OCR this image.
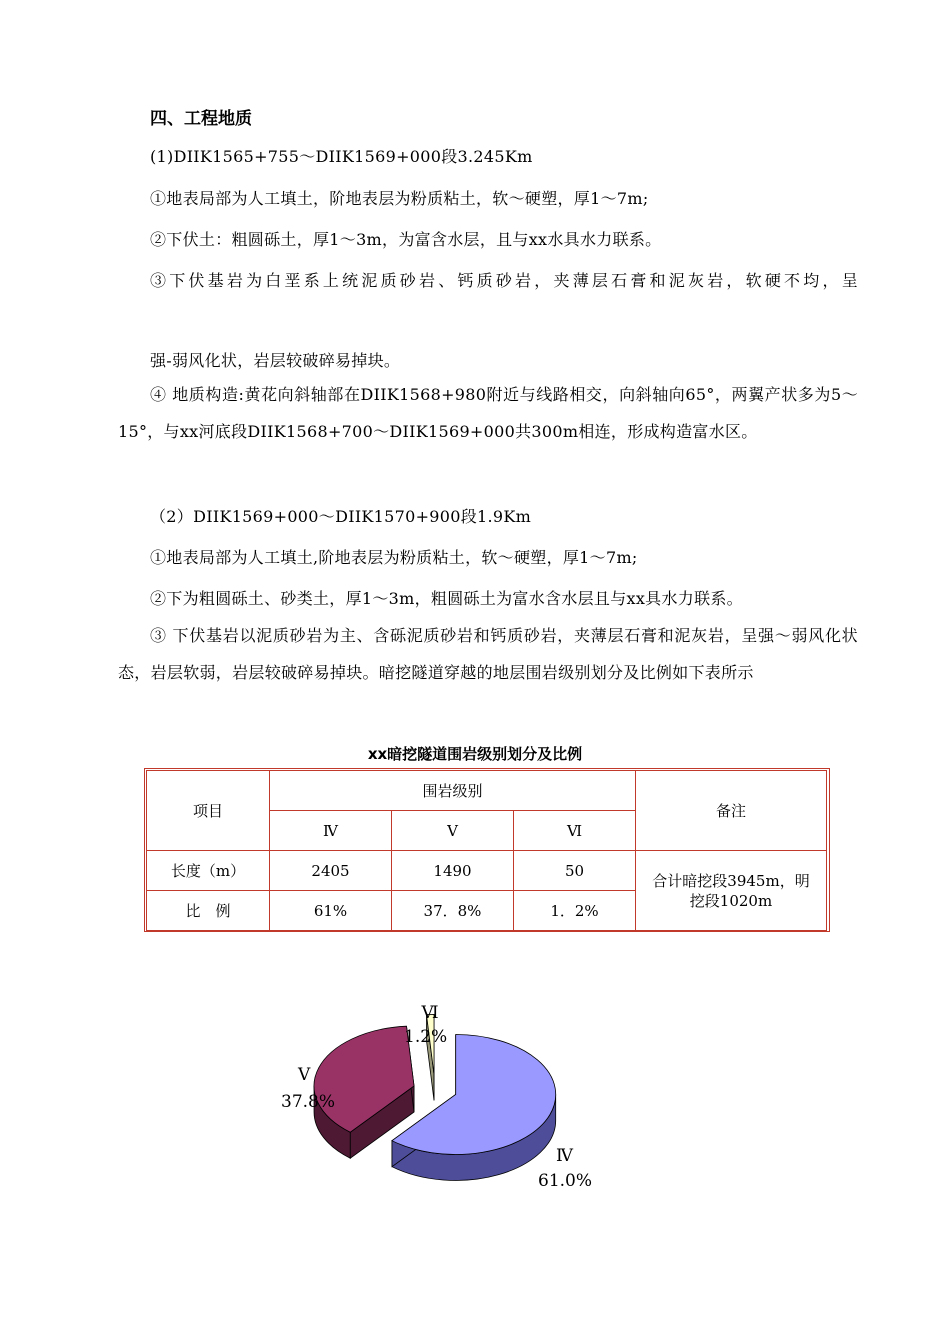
四、工程地质
(1)DIIK1565+755～DIIK1569+000段3.245Km
①地表局部为人工填土，阶地表层为粉质粘土，软～硬塑，厚1～7m;
②下伏土：粗圆砾土，厚1～3m，为富含水层，且与xx水具水力联系。
③下伏基岩为白垩系上统泥质砂岩、钙质砂岩，夹薄层石膏和泥灰岩，软硬不均，呈
强-弱风化状，岩层较破碎易掉块。
④ 地质构造:黄花向斜轴部在DIIK1568+980附近与线路相交，向斜轴向65°，两翼产状多为5～15°，与xx河底段DIIK1568+700～DIIK1569+000共300m相连，形成构造富水区。
（2）DIIK1569+000～DIIK1570+900段1.9Km
①地表局部为人工填土,阶地表层为粉质粘土，软～硬塑，厚1～7m;
②下为粗圆砾土、砂类土，厚1～3m，粗圆砾土为富水含水层且与xx具水力联系。
③ 下伏基岩以泥质砂岩为主、含砾泥质砂岩和钙质砂岩，夹薄层石膏和泥灰岩，呈强～弱风化状态，岩层软弱，岩层较破碎易掉块。暗挖隧道穿越的地层围岩级别划分及比例如下表所示
xx暗挖隧道围岩级别划分及比例
项目	围岩级别			备注
	Ⅳ	Ⅴ	Ⅵ	
长度（m）	2405	1490	50	合计暗挖段3945m，明挖段1020m
比　例	61%	37．8%	1．2%	
Ⅵ
1.2%
Ⅴ
37.8%
Ⅳ
61.0%
